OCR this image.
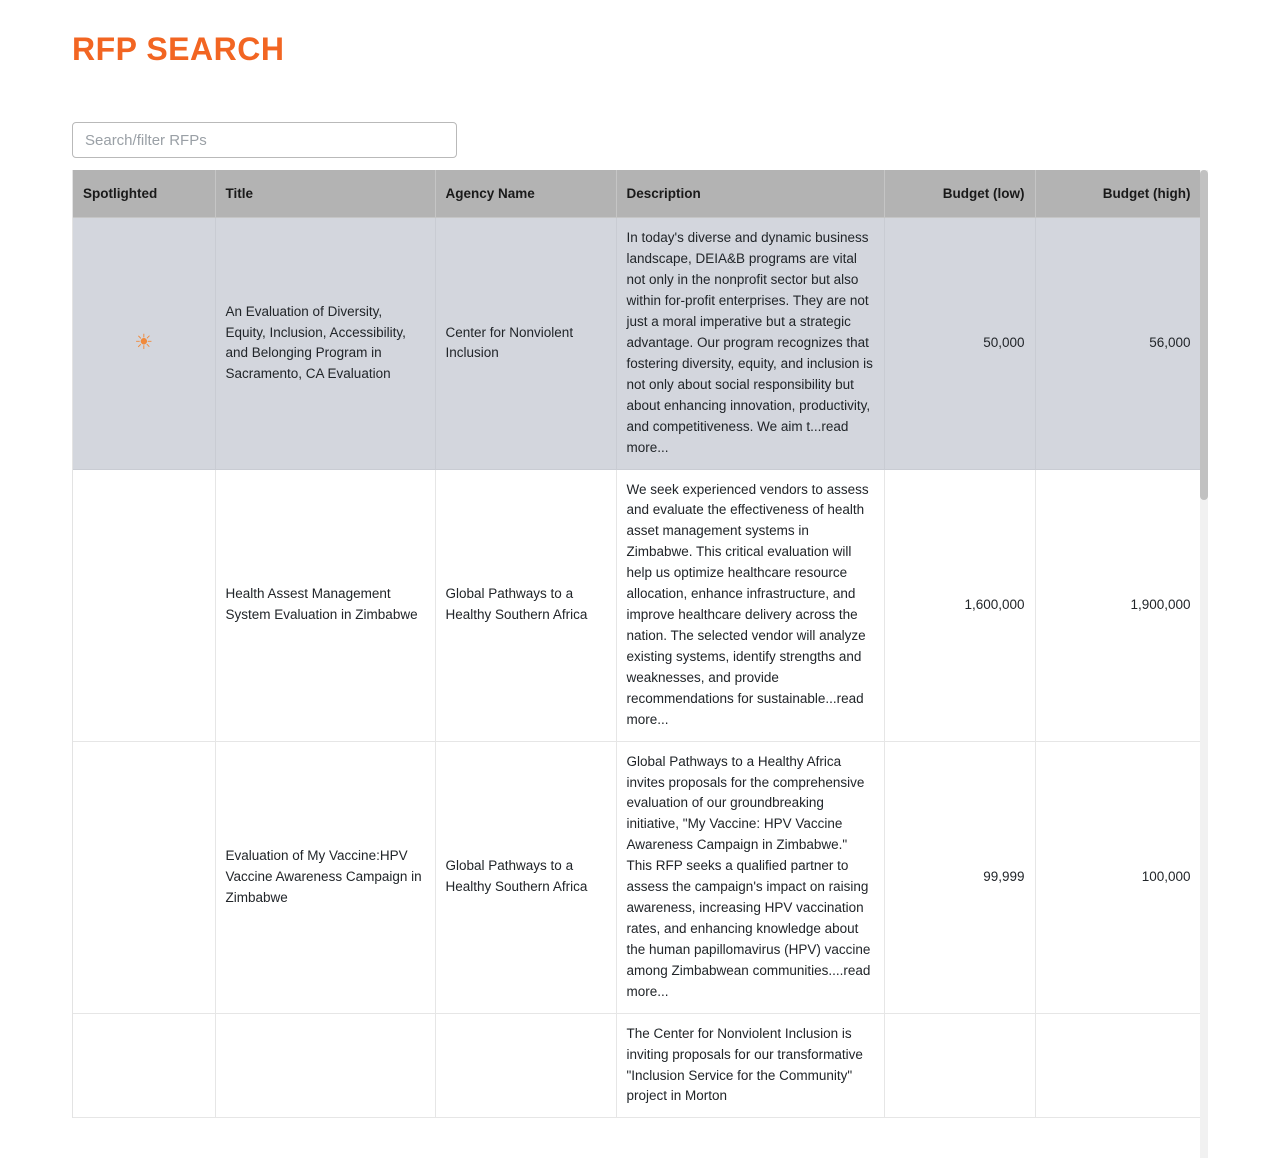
RFP SEARCH
Search/filter RFPs
Spotlighted	Title	Agency Name	Description	Budget (low)	Budget (high)
☀	An Evaluation of Diversity, Equity, Inclusion, Accessibility, and Belonging Program in Sacramento, CA Evaluation	Center for Nonviolent Inclusion	In today's diverse and dynamic business landscape, DEIA&B programs are vital not only in the nonprofit sector but also within for-profit enterprises. They are not just a moral imperative but a strategic advantage. Our program recognizes that fostering diversity, equity, and inclusion is not only about social responsibility but about enhancing innovation, productivity, and competitiveness. We aim t...read more...	50,000	56,000
	Health Assest Management System Evaluation in Zimbabwe	Global Pathways to a Healthy Southern Africa	We seek experienced vendors to assess and evaluate the effectiveness of health asset management systems in Zimbabwe. This critical evaluation will help us optimize healthcare resource allocation, enhance infrastructure, and improve healthcare delivery across the nation. The selected vendor will analyze existing systems, identify strengths and weaknesses, and provide recommendations for sustainable...read more...	1,600,000	1,900,000
	Evaluation of My Vaccine:HPV Vaccine Awareness Campaign in Zimbabwe	Global Pathways to a Healthy Southern Africa	Global Pathways to a Healthy Africa invites proposals for the comprehensive evaluation of our groundbreaking initiative, "My Vaccine: HPV Vaccine Awareness Campaign in Zimbabwe." This RFP seeks a qualified partner to assess the campaign's impact on raising awareness, increasing HPV vaccination rates, and enhancing knowledge about the human papillomavirus (HPV) vaccine among Zimbabwean communities....read more...	99,999	100,000
			The Center for Nonviolent Inclusion is inviting proposals for our transformative "Inclusion Service for the Community" project in Morton		
